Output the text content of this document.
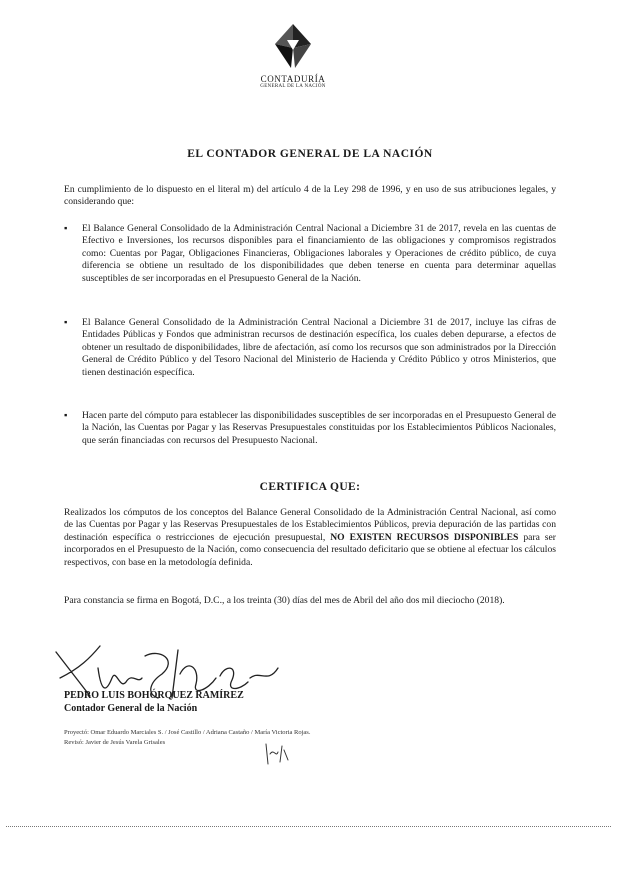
CONTADURÍA
GENERAL DE LA NACIÓN
EL CONTADOR GENERAL DE LA NACIÓN
En cumplimiento de lo dispuesto en el literal m) del artículo 4 de la Ley 298 de 1996, y en uso de sus atribuciones legales, y considerando que:
▪ El Balance General Consolidado de la Administración Central Nacional a Diciembre 31 de 2017, revela en las cuentas de Efectivo e Inversiones, los recursos disponibles para el financiamiento de las obligaciones y compromisos registrados como: Cuentas por Pagar, Obligaciones Financieras, Obligaciones laborales y Operaciones de crédito público, de cuya diferencia se obtiene un resultado de los disponibilidades que deben tenerse en cuenta para determinar aquellas susceptibles de ser incorporadas en el Presupuesto General de la Nación.
▪ El Balance General Consolidado de la Administración Central Nacional a Diciembre 31 de 2017, incluye las cifras de Entidades Públicas y Fondos que administran recursos de destinación específica, los cuales deben depurarse, a efectos de obtener un resultado de disponibilidades, libre de afectación, así como los recursos que son administrados por la Dirección General de Crédito Público y del Tesoro Nacional del Ministerio de Hacienda y Crédito Público y otros Ministerios, que tienen destinación específica.
▪ Hacen parte del cómputo para establecer las disponibilidades susceptibles de ser incorporadas en el Presupuesto General de la Nación, las Cuentas por Pagar y las Reservas Presupuestales constituidas por los Establecimientos Públicos Nacionales, que serán financiadas con recursos del Presupuesto Nacional.
CERTIFICA QUE:
Realizados los cómputos de los conceptos del Balance General Consolidado de la Administración Central Nacional, así como de las Cuentas por Pagar y las Reservas Presupuestales de los Establecimientos Públicos, previa depuración de las partidas con destinación específica o restricciones de ejecución presupuestal, NO EXISTEN RECURSOS DISPONIBLES para ser incorporados en el Presupuesto de la Nación, como consecuencia del resultado deficitario que se obtiene al efectuar los cálculos respectivos, con base en la metodología definida.
Para constancia se firma en Bogotá, D.C., a los treinta (30) días del mes de Abril del año dos mil dieciocho (2018).
PEDRO LUIS BOHÓRQUEZ RAMÍREZ
Contador General de la Nación
Proyectó: Omar Eduardo Marciales S. / José Castillo / Adriana Castaño / María Victoria Rojas.
Revisó: Javier de Jesús Varela Grisales
